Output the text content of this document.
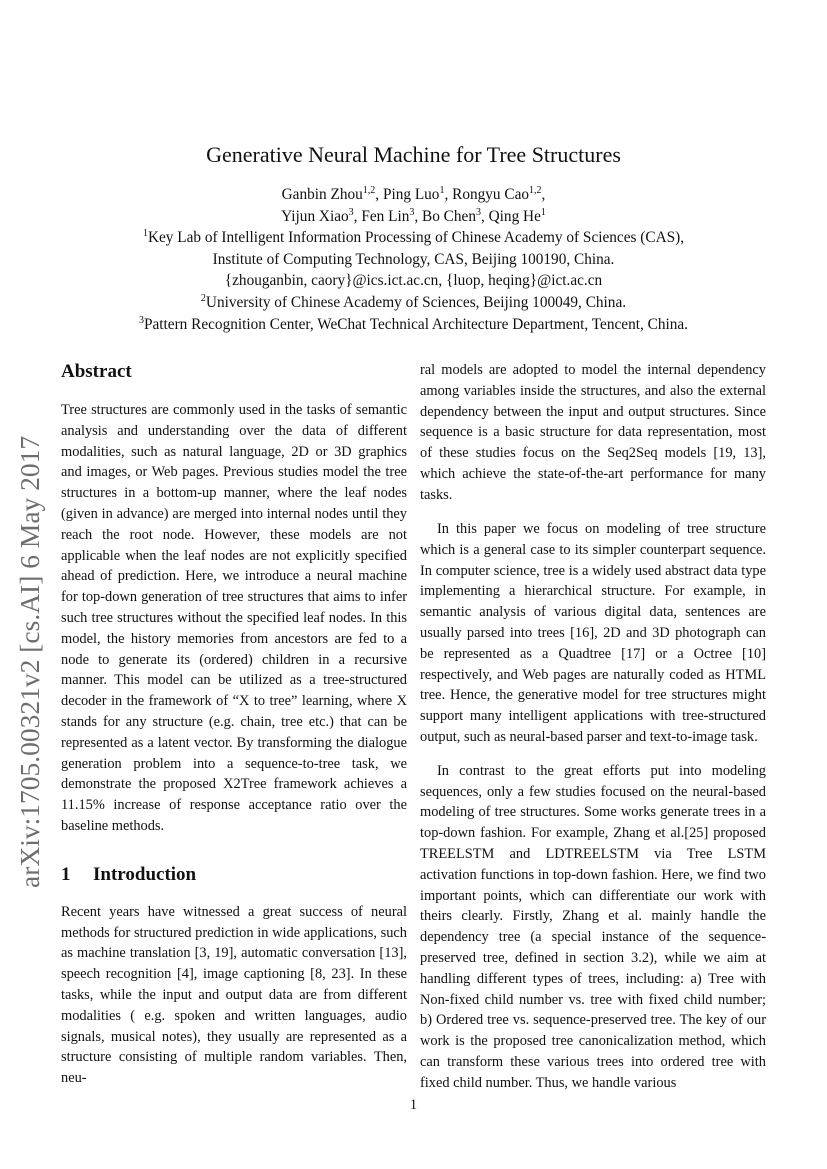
arXiv:1705.00321v2 [cs.AI] 6 May 2017
Generative Neural Machine for Tree Structures
Ganbin Zhou$^{1,2}$, Ping Luo$^1$, Rongyu Cao$^{1,2}$,
Yijun Xiao$^3$, Fen Lin$^3$, Bo Chen$^3$, Qing He$^1$
$^1$Key Lab of Intelligent Information Processing of Chinese Academy of Sciences (CAS),
Institute of Computing Technology, CAS, Beijing 100190, China.
{zhouganbin, caory}@ics.ict.ac.cn, {luop, heqing}@ict.ac.cn
$^2$University of Chinese Academy of Sciences, Beijing 100049, China.
$^3$Pattern Recognition Center, WeChat Technical Architecture Department, Tencent, China.
Abstract

Tree structures are commonly used in the tasks of semantic analysis and understanding over the data of different modalities, such as natural language, 2D or 3D graphics and images, or Web pages. Previous studies model the tree structures in a bottom-up manner, where the leaf nodes (given in advance) are merged into internal nodes until they reach the root node. However, these models are not applicable when the leaf nodes are not explicitly specified ahead of prediction. Here, we introduce a neural machine for top-down generation of tree structures that aims to infer such tree structures without the specified leaf nodes. In this model, the history memories from ancestors are fed to a node to generate its (ordered) children in a recursive manner. This model can be utilized as a tree-structured decoder in the framework of “X to tree” learning, where X stands for any structure (e.g. chain, tree etc.) that can be represented as a latent vector. By transforming the dialogue generation problem into a sequence-to-tree task, we demonstrate the proposed X2Tree framework achieves a 11.15% increase of response acceptance ratio over the baseline methods.

1 Introduction

Recent years have witnessed a great success of neural methods for structured prediction in wide applications, such as machine translation [3, 19], automatic conversation [13], speech recognition [4], image captioning [8, 23]. In these tasks, while the input and output data are from different modalities ( e.g. spoken and written languages, audio signals, musical notes), they usually are represented as a structure consisting of multiple random variables. Then, neu-

ral models are adopted to model the internal dependency among variables inside the structures, and also the external dependency between the input and output structures. Since sequence is a basic structure for data representation, most of these studies focus on the Seq2Seq models [19, 13], which achieve the state-of-the-art performance for many tasks.

In this paper we focus on modeling of tree structure which is a general case to its simpler counterpart sequence. In computer science, tree is a widely used abstract data type implementing a hierarchical structure. For example, in semantic analysis of various digital data, sentences are usually parsed into trees [16], 2D and 3D photograph can be represented as a Quadtree [17] or a Octree [10] respectively, and Web pages are naturally coded as HTML tree. Hence, the generative model for tree structures might support many intelligent applications with tree-structured output, such as neural-based parser and text-to-image task.

In contrast to the great efforts put into modeling sequences, only a few studies focused on the neural-based modeling of tree structures. Some works generate trees in a top-down fashion. For example, Zhang et al.[25] proposed TREELSTM and LDTREELSTM via Tree LSTM activation functions in top-down fashion. Here, we find two important points, which can differentiate our work with theirs clearly. Firstly, Zhang et al. mainly handle the dependency tree (a special instance of the sequence-preserved tree, defined in section 3.2), while we aim at handling different types of trees, including: a) Tree with Non-fixed child number vs. tree with fixed child number; b) Ordered tree vs. sequence-preserved tree. The key of our work is the proposed tree canonicalization method, which can transform these various trees into ordered tree with fixed child number. Thus, we handle various

1
